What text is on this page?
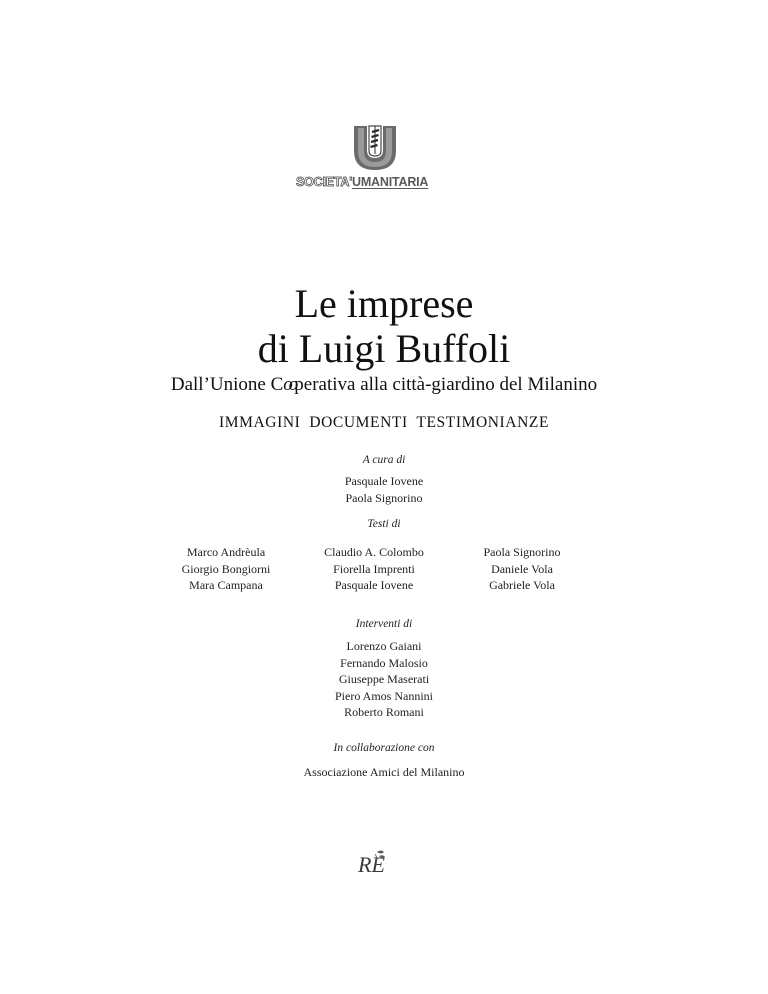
SOCIETA'UMANITARIA
Le imprese
di Luigi Buffoli
Dall’Unione Cooperativa alla città-giardino del Milanino
IMMAGINI  DOCUMENTI  TESTIMONIANZE
A cura di
Pasquale Iovene
Paola Signorino
Testi di
Marco Andrèula
Giorgio Bongiorni
Mara Campana
Claudio A. Colombo
Fiorella Imprenti
Pasquale Iovene
Paola Signorino
Daniele Vola
Gabriele Vola
Interventi di
Lorenzo Gaiani
Fernando Malosio
Giuseppe Maserati
Piero Amos Nannini
Roberto Romani
In collaborazione con
Associazione Amici del Milanino
RE
